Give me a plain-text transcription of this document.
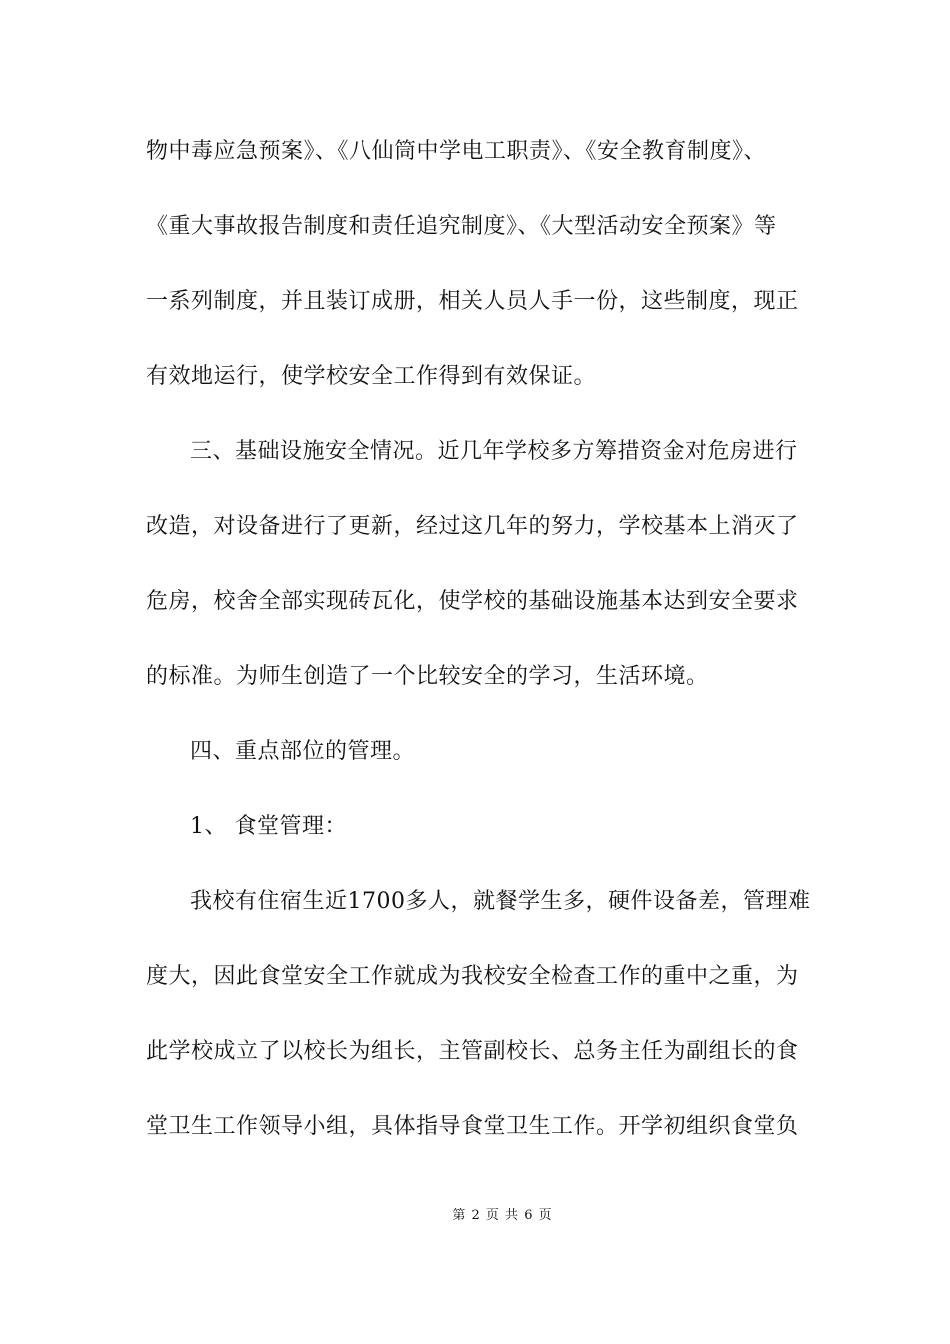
物中毒应急预案》、《八仙筒中学电工职责》、《安全教育制度》、
《重大事故报告制度和责任追究制度》、《大型活动安全预案》等
一系列制度，并且装订成册，相关人员人手一份，这些制度，现正
有效地运行，使学校安全工作得到有效保证。
三、基础设施安全情况。近几年学校多方筹措资金对危房进行
改造，对设备进行了更新，经过这几年的努力，学校基本上消灭了
危房，校舍全部实现砖瓦化，使学校的基础设施基本达到安全要求
的标准。为师生创造了一个比较安全的学习，生活环境。
四、重点部位的管理。
1、 食堂管理：
我校有住宿生近1700多人，就餐学生多，硬件设备差，管理难
度大，因此食堂安全工作就成为我校安全检查工作的重中之重，为
此学校成立了以校长为组长，主管副校长、总务主任为副组长的食
堂卫生工作领导小组，具体指导食堂卫生工作。开学初组织食堂负
第 2 页 共 6 页
